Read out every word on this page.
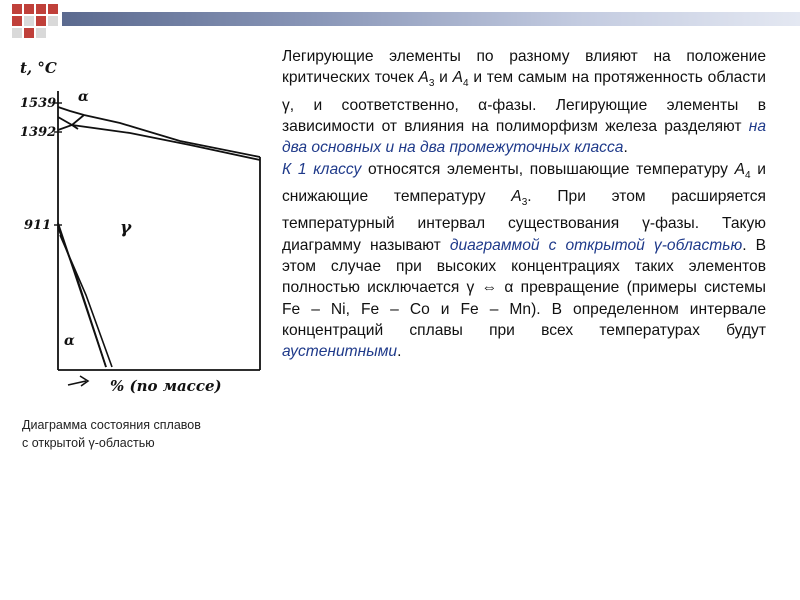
t, °C
1539
1392
911
α
γ
α
% (по массе)
Диаграмма состояния сплавов
с открытой γ-областью

Легирующие элементы по разному влияют на положение критических точек $A_3$ и $A_4$ и тем самым на протяженность области γ, и соответственно, α-фазы. Легирующие элементы в зависимости от влияния на полиморфизм железа разделяют на два основных и на два промежуточных класса.

К 1 классу относятся элементы, повышающие температуру $A_4$ и снижающие температуру $A_3$. При этом расширяется температурный интервал существования γ-фазы. Такую диаграмму называют диаграммой с открытой γ-областью. В этом случае при высоких концентрациях таких элементов полностью исключается γ ⇔ α превращение (примеры системы Fe – Ni, Fe – Co и Fe – Mn). В определенном интервале концентраций сплавы при всех температурах будут аустенитными.
